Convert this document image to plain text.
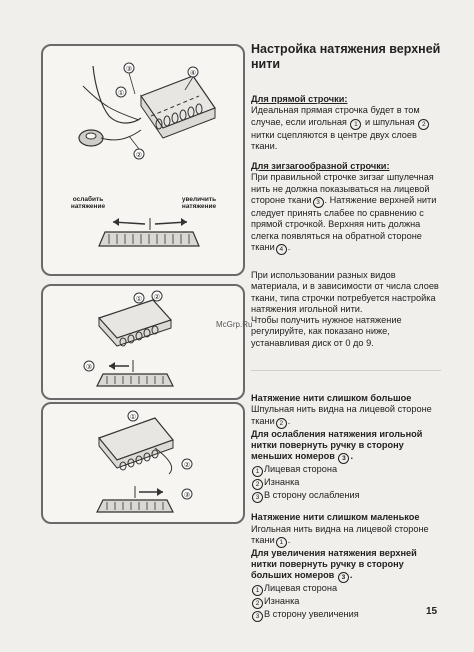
③
④
①
②
ослабить
натяжение
увеличить
натяжение
① ②
③
①
②
③
McGrp.Ru

Настройка натяжения верхней нити

Для прямой строчки:

Идеальная прямая строчка будет в том

случае, если игольная 1 и шпульная 2

нитки сцепляются в центре двух слоев

ткани.

Для зигзагообразной строчки:

При правильной строчке зигзаг шпулечная

нить не должна показываться на лицевой

стороне ткани 3 . Натяжение верхней нити

следует принять слабее по сравнению с

прямой строчкой. Верхняя нить должна

слегка появляться на обратной стороне

ткани 4 .

При использовании разных видов

материала, и в зависимости от числа слоев

ткани, типа строчки потребуется настройка

натяжения игольной нити.

Чтобы получить нужное натяжение

регулируйте, как показано ниже,

устанавливая диск от 0 до 9.

Натяжение нити слишком большое

Шпульная нить видна на лицевой стороне

ткани 2 .

Для ослабления натяжения игольной

нитки повернуть ручку в сторону

меньших номеров 3 .

1 Лицевая сторона

2 Изнанка

3 В сторону ослабления

Натяжение нити слишком маленькое

Игольная нить видна на лицевой стороне

ткани 1 .

Для увеличения натяжения верхней

нитки повернуть ручку в сторону

больших номеров 3 .

1 Лицевая сторона

2 Изнанка

3 В сторону увеличения	15
